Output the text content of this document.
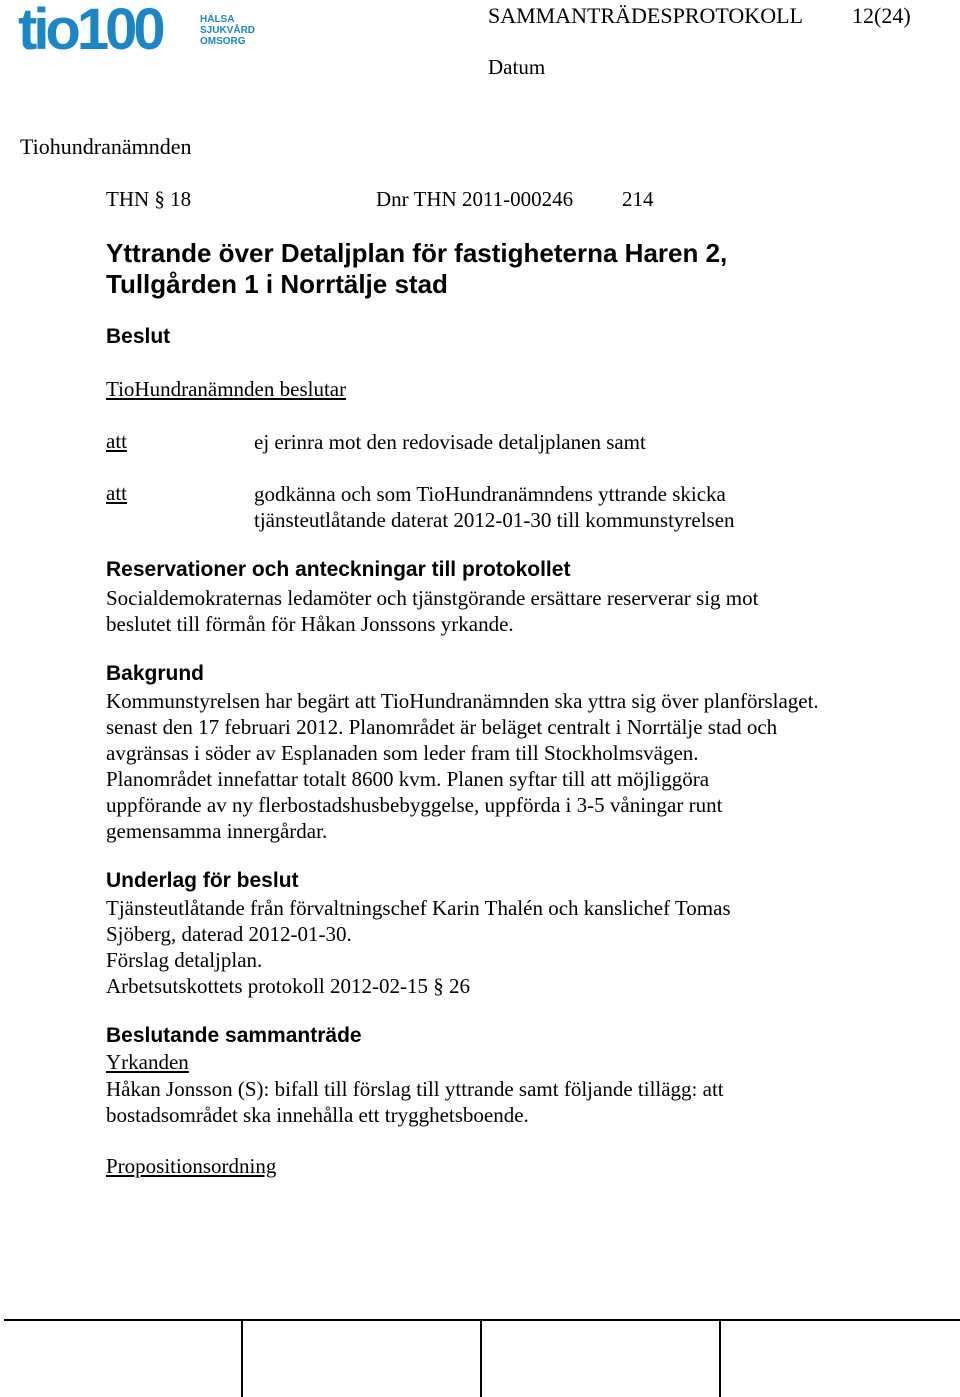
tio100	HÄLSA
SJUKVÅRD
OMSORG
SAMMANTRÄDESPROTOKOLL 12(24)
Datum
Tiohundranämnden
THN § 18	Dnr THN 2011-000246 214
Yttrande över Detaljplan för fastigheterna Haren 2,
Tullgården 1 i Norrtälje stad
Beslut
TioHundranämnden beslutar
att	ej erinra mot den redovisade detaljplanen samt
att	godkänna och som TioHundranämndens yttrande skicka
tjänsteutlåtande daterat 2012-01-30 till kommunstyrelsen
Reservationer och anteckningar till protokollet
Socialdemokraternas ledamöter och tjänstgörande ersättare reserverar sig mot
beslutet till förmån för Håkan Jonssons yrkande.
Bakgrund
Kommunstyrelsen har begärt att TioHundranämnden ska yttra sig över planförslaget.
senast den 17 februari 2012. Planområdet är beläget centralt i Norrtälje stad och
avgränsas i söder av Esplanaden som leder fram till Stockholmsvägen.
Planområdet innefattar totalt 8600 kvm. Planen syftar till att möjliggöra
uppförande av ny flerbostadshusbebyggelse, uppförda i 3-5 våningar runt
gemensamma innergårdar.
Underlag för beslut
Tjänsteutlåtande från förvaltningschef Karin Thalén och kanslichef Tomas
Sjöberg, daterad 2012-01-30.
Förslag detaljplan.
Arbetsutskottets protokoll 2012-02-15 § 26
Beslutande sammanträde
Yrkanden
Håkan Jonsson (S): bifall till förslag till yttrande samt följande tillägg: att
bostadsområdet ska innehålla ett trygghetsboende.
Propositionsordning
